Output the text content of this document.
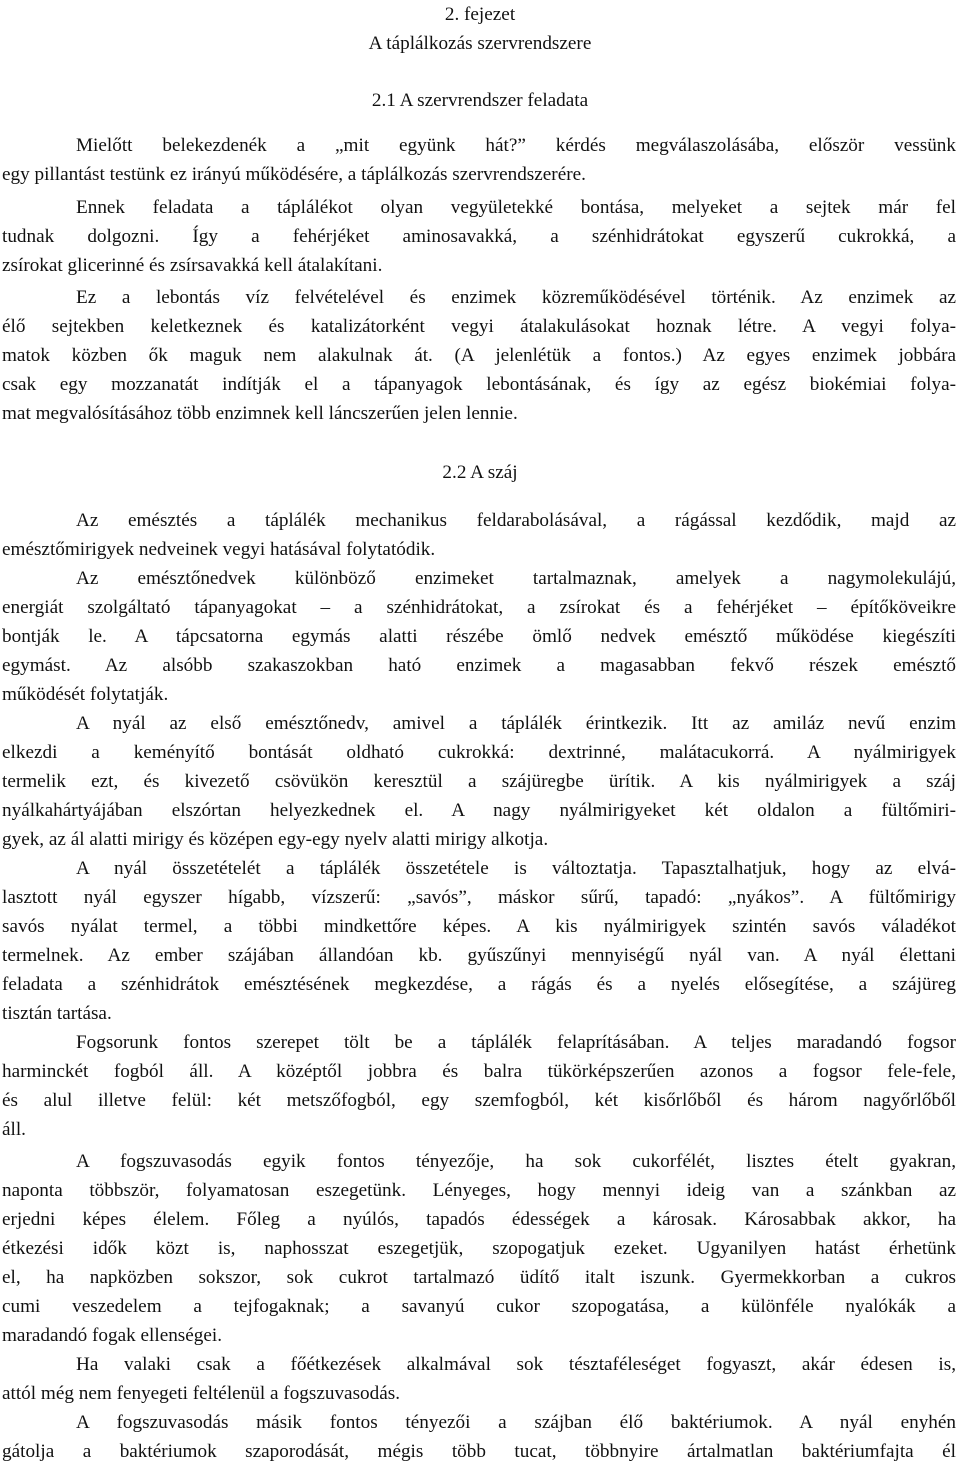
2. fejezet
A táplálkozás szervrendszere
2.1 A szervrendszer feladata
Mielőtt belekezdenék a „mit együnk hát?” kérdés megválaszolásába, először vessünk
egy pillantást testünk ez irányú működésére, a táplálkozás szervrendszerére.
Ennek feladata a táplálékot olyan vegyületekké bontása, melyeket a sejtek már fel
tudnak dolgozni. Így a fehérjéket aminosavakká, a szénhidrátokat egyszerű cukrokká, a
zsírokat glicerinné és zsírsavakká kell átalakítani.
Ez a lebontás víz felvételével és enzimek közreműködésével történik. Az enzimek az
élő sejtekben keletkeznek és katalizátorként vegyi átalakulásokat hoznak létre. A vegyi folya-
matok közben ők maguk nem alakulnak át. (A jelenlétük a fontos.) Az egyes enzimek jobbára
csak egy mozzanatát indítják el a tápanyagok lebontásának, és így az egész biokémiai folya-
mat megvalósításához több enzimnek kell láncszerűen jelen lennie.
2.2 A száj
Az emésztés a táplálék mechanikus feldarabolásával, a rágással kezdődik, majd az
emésztőmirigyek nedveinek vegyi hatásával folytatódik.
Az emésztőnedvek különböző enzimeket tartalmaznak, amelyek a nagymolekulájú,
energiát szolgáltató tápanyagokat – a szénhidrátokat, a zsírokat és a fehérjéket – építőköveikre
bontják le. A tápcsatorna egymás alatti részébe ömlő nedvek emésztő működése kiegészíti
egymást. Az alsóbb szakaszokban ható enzimek a magasabban fekvő részek emésztő
működését folytatják.
A nyál az első emésztőnedv, amivel a táplálék érintkezik. Itt az amiláz nevű enzim
elkezdi a keményítő bontását oldható cukrokká: dextrinné, malátacukorrá. A nyálmirigyek
termelik ezt, és kivezető csövükön keresztül a szájüregbe ürítik. A kis nyálmirigyek a száj
nyálkahártyájában elszórtan helyezkednek el. A nagy nyálmirigyeket két oldalon a fültőmiri-
gyek, az ál alatti mirigy és középen egy-egy nyelv alatti mirigy alkotja.
A nyál összetételét a táplálék összetétele is változtatja. Tapasztalhatjuk, hogy az elvá-
lasztott nyál egyszer hígabb, vízszerű: „savós”, máskor sűrű, tapadó: „nyákos”. A fültőmirigy
savós nyálat termel, a többi mindkettőre képes. A kis nyálmirigyek szintén savós váladékot
termelnek. Az ember szájában állandóan kb. gyűszűnyi mennyiségű nyál van. A nyál élettani
feladata a szénhidrátok emésztésének megkezdése, a rágás és a nyelés elősegítése, a szájüreg
tisztán tartása.
Fogsorunk fontos szerepet tölt be a táplálék felaprításában. A teljes maradandó fogsor
harminckét fogból áll. A középtől jobbra és balra tükörképszerűen azonos a fogsor fele-fele,
és alul illetve felül: két metszőfogból, egy szemfogból, két kisőrlőből és három nagyőrlőből
áll.
A fogszuvasodás egyik fontos tényezője, ha sok cukorfélét, lisztes ételt gyakran,
naponta többször, folyamatosan eszegetünk. Lényeges, hogy mennyi ideig van a szánkban az
erjedni képes élelem. Főleg a nyúlós, tapadós édességek a károsak. Károsabbak akkor, ha
étkezési idők közt is, naphosszat eszegetjük, szopogatjuk ezeket. Ugyanilyen hatást érhetünk
el, ha napközben sokszor, sok cukrot tartalmazó üdítő italt iszunk. Gyermekkorban a cukros
cumi veszedelem a tejfogaknak; a savanyú cukor szopogatása, a különféle nyalókák a
maradandó fogak ellenségei.
Ha valaki csak a főétkezések alkalmával sok tésztaféleséget fogyaszt, akár édesen is,
attól még nem fenyegeti feltélenül a fogszuvasodás.
A fogszuvasodás másik fontos tényezői a szájban élő baktériumok. A nyál enyhén
gátolja a baktériumok szaporodását, mégis több tucat, többnyire ártalmatlan baktériumfajta él
